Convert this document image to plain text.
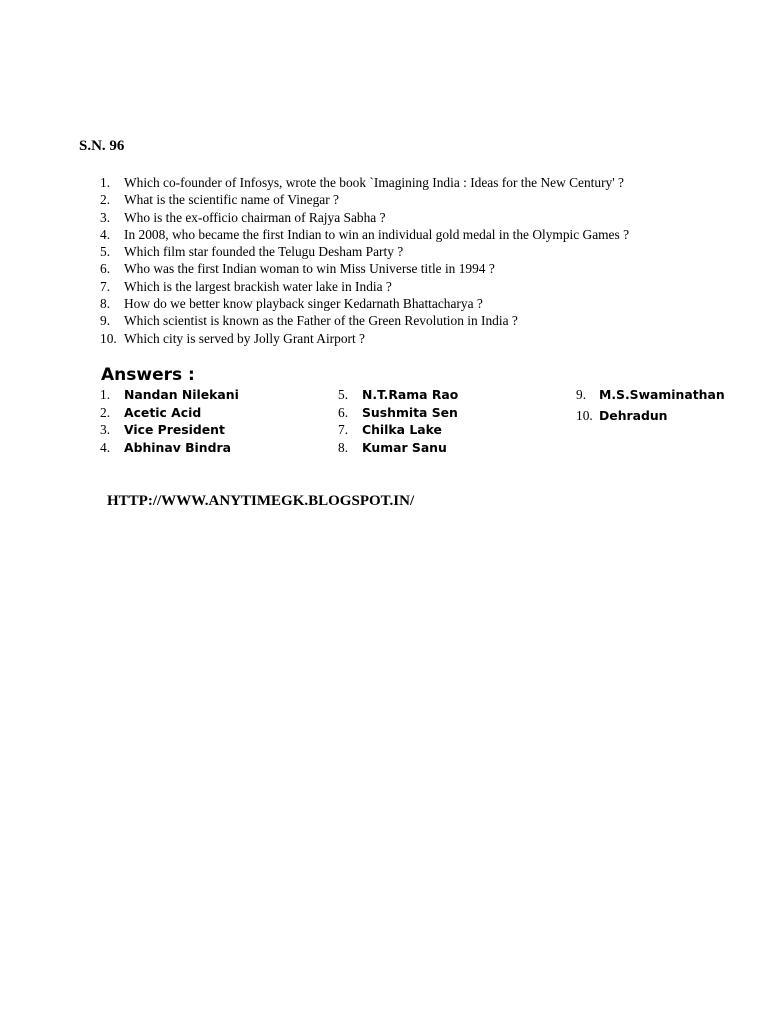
S.N. 96
1.	Which co-founder of Infosys, wrote the book `Imagining India : Ideas for the New Century' ?
2.	What is the scientific name of Vinegar ?
3.	Who is the ex-officio chairman of Rajya Sabha ?
4.	In 2008, who became the first Indian to win an individual gold medal in the Olympic Games ?
5.	Which film star founded the Telugu Desham Party ?
6.	Who was the first Indian woman to win Miss Universe title in 1994 ?
7.	Which is the largest brackish water lake in India ?
8.	How do we better know playback singer Kedarnath Bhattacharya ?
9.	Which scientist is known as the Father of the Green Revolution in India ?
10. Which city is served by Jolly Grant Airport ?
Answers :
1.	Nandan Nilekani
2.	Acetic Acid
3.	Vice President
4.	Abhinav Bindra
5.	N.T.Rama Rao
6.	Sushmita Sen
7.	Chilka Lake
8.	Kumar Sanu
9.	M.S.Swaminathan
10. Dehradun

HTTP://WWW.ANYTIMEGK.BLOGSPOT.IN/
